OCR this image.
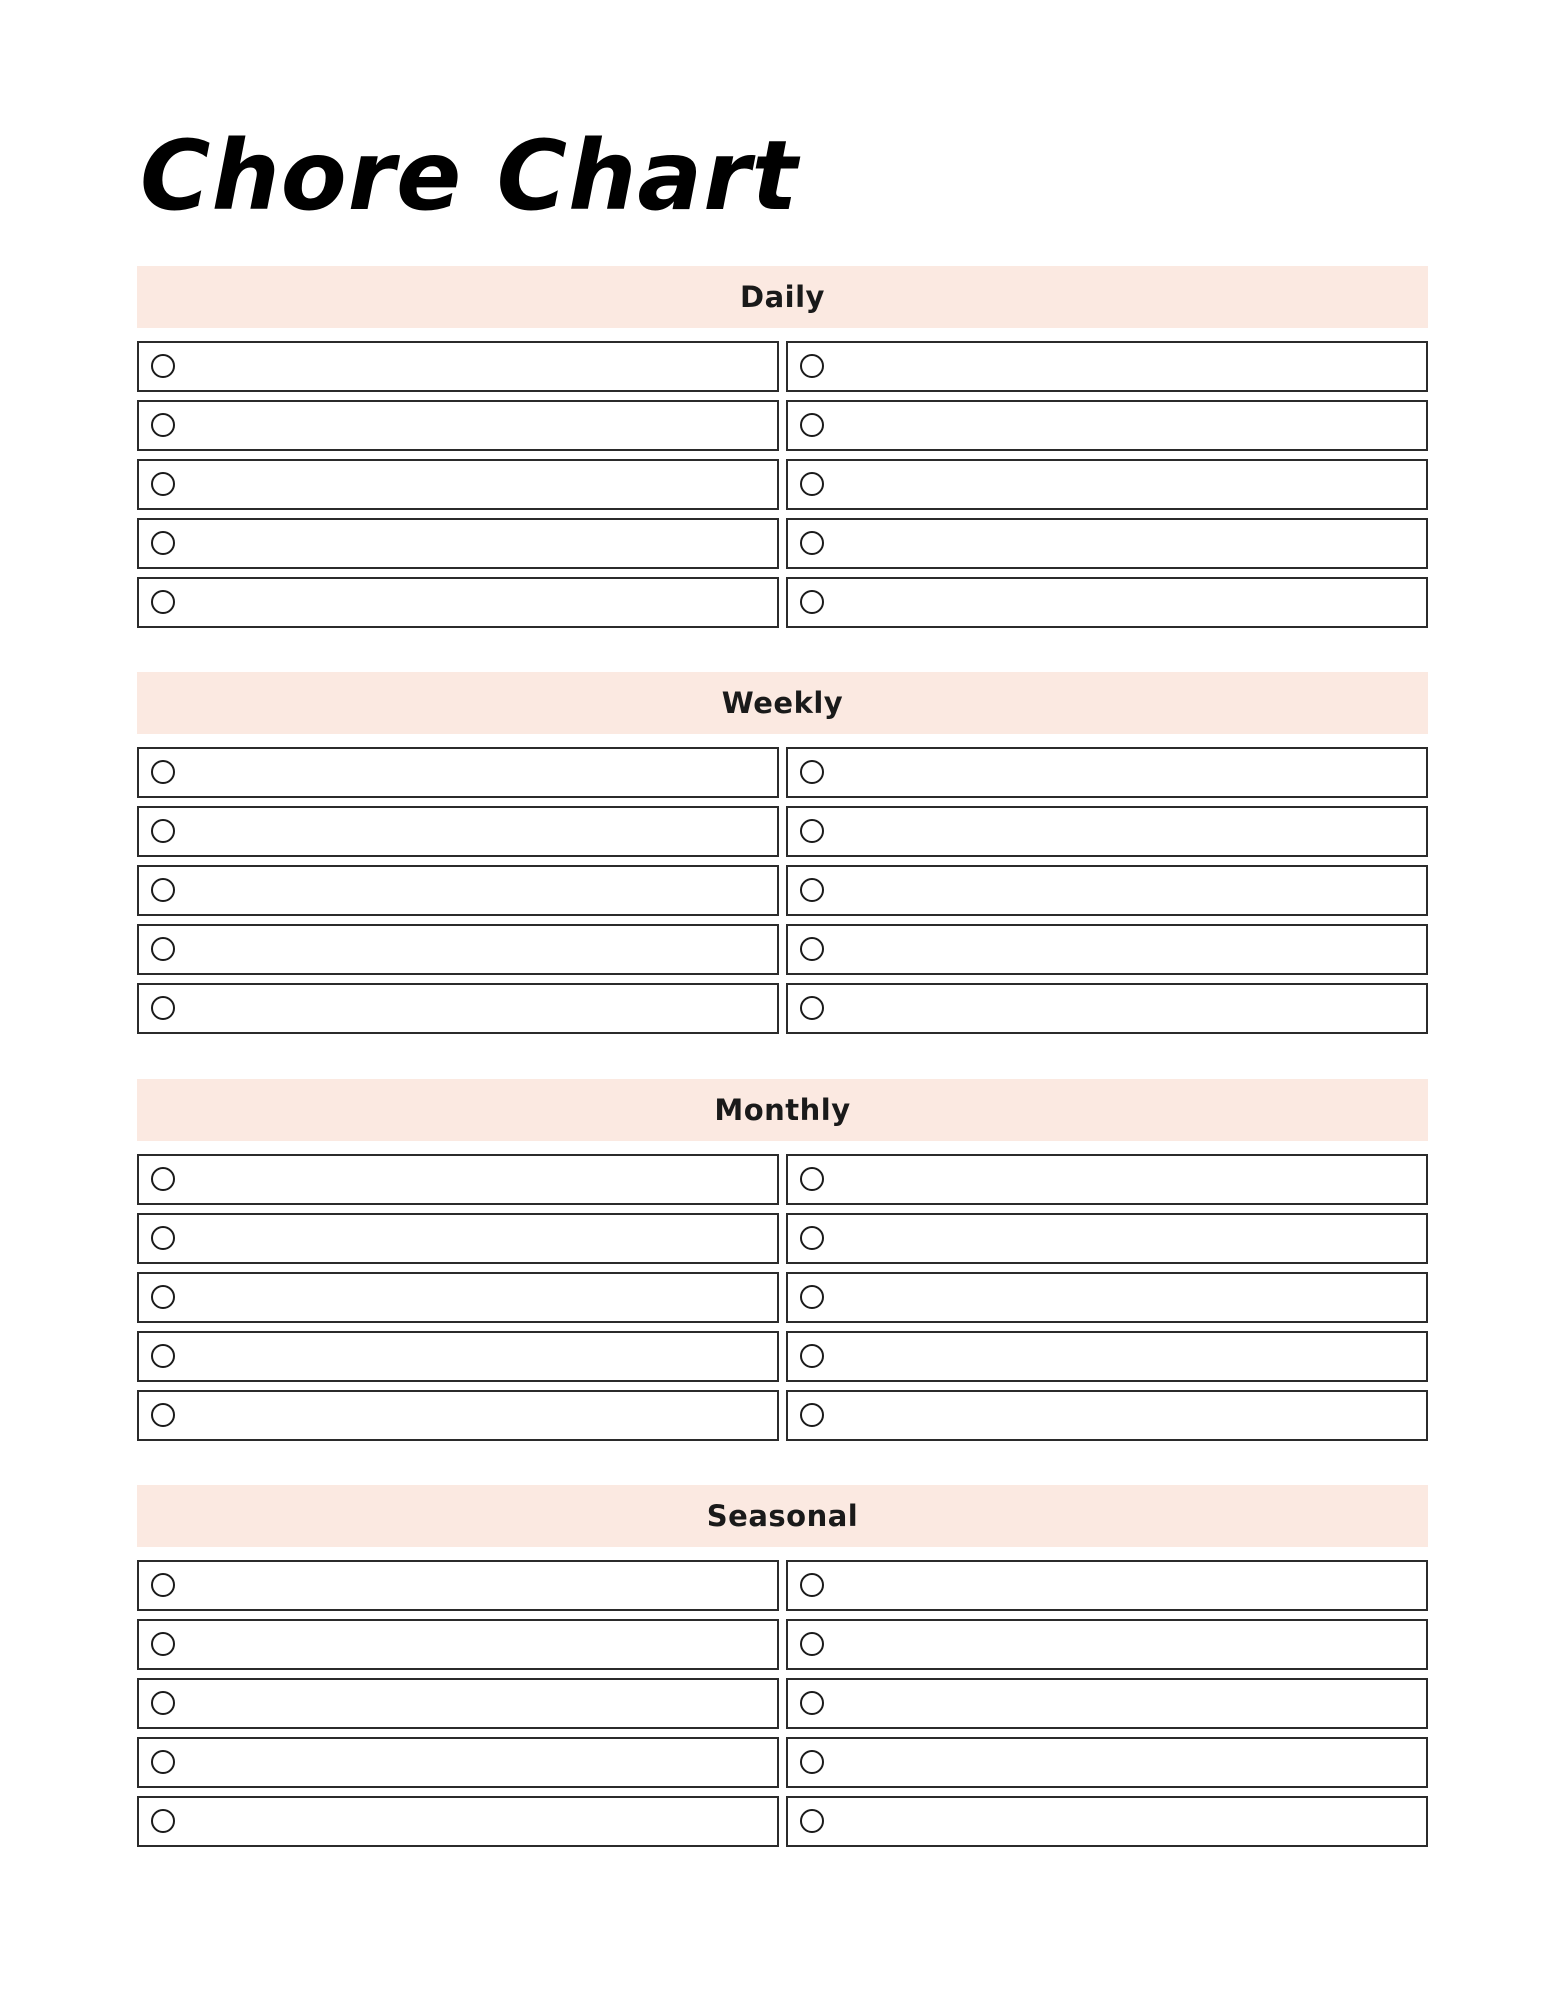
Chore Chart
Daily
Weekly
Monthly
Seasonal
